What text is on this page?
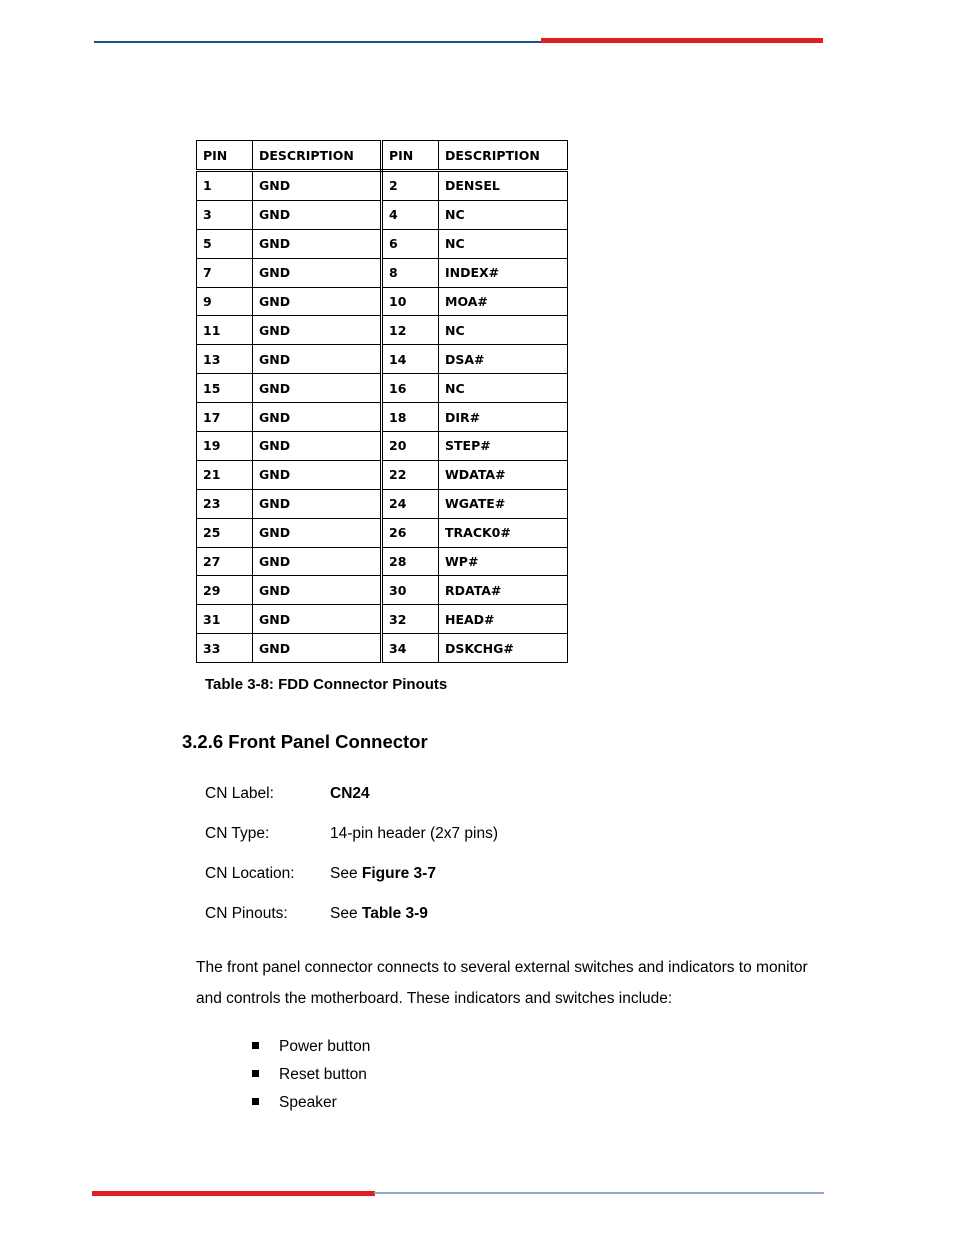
PIN	DESCRIPTION	PIN	DESCRIPTION
1	GND	2	DENSEL
3	GND	4	NC
5	GND	6	NC
7	GND	8	INDEX#
9	GND	10	MOA#
11	GND	12	NC
13	GND	14	DSA#
15	GND	16	NC
17	GND	18	DIR#
19	GND	20	STEP#
21	GND	22	WDATA#
23	GND	24	WGATE#
25	GND	26	TRACK0#
27	GND	28	WP#
29	GND	30	RDATA#
31	GND	32	HEAD#
33	GND	34	DSKCHG#
Table 3-8: FDD Connector Pinouts
3.2.6 Front Panel Connector
CN Label:	CN24
CN Type:	14-pin header (2x7 pins)
CN Location: See Figure 3-7
CN Pinouts:	See Table 3-9
The front panel connector connects to several external switches and indicators to monitor and controls the motherboard. These indicators and switches include:
Power button
Reset button
Speaker
